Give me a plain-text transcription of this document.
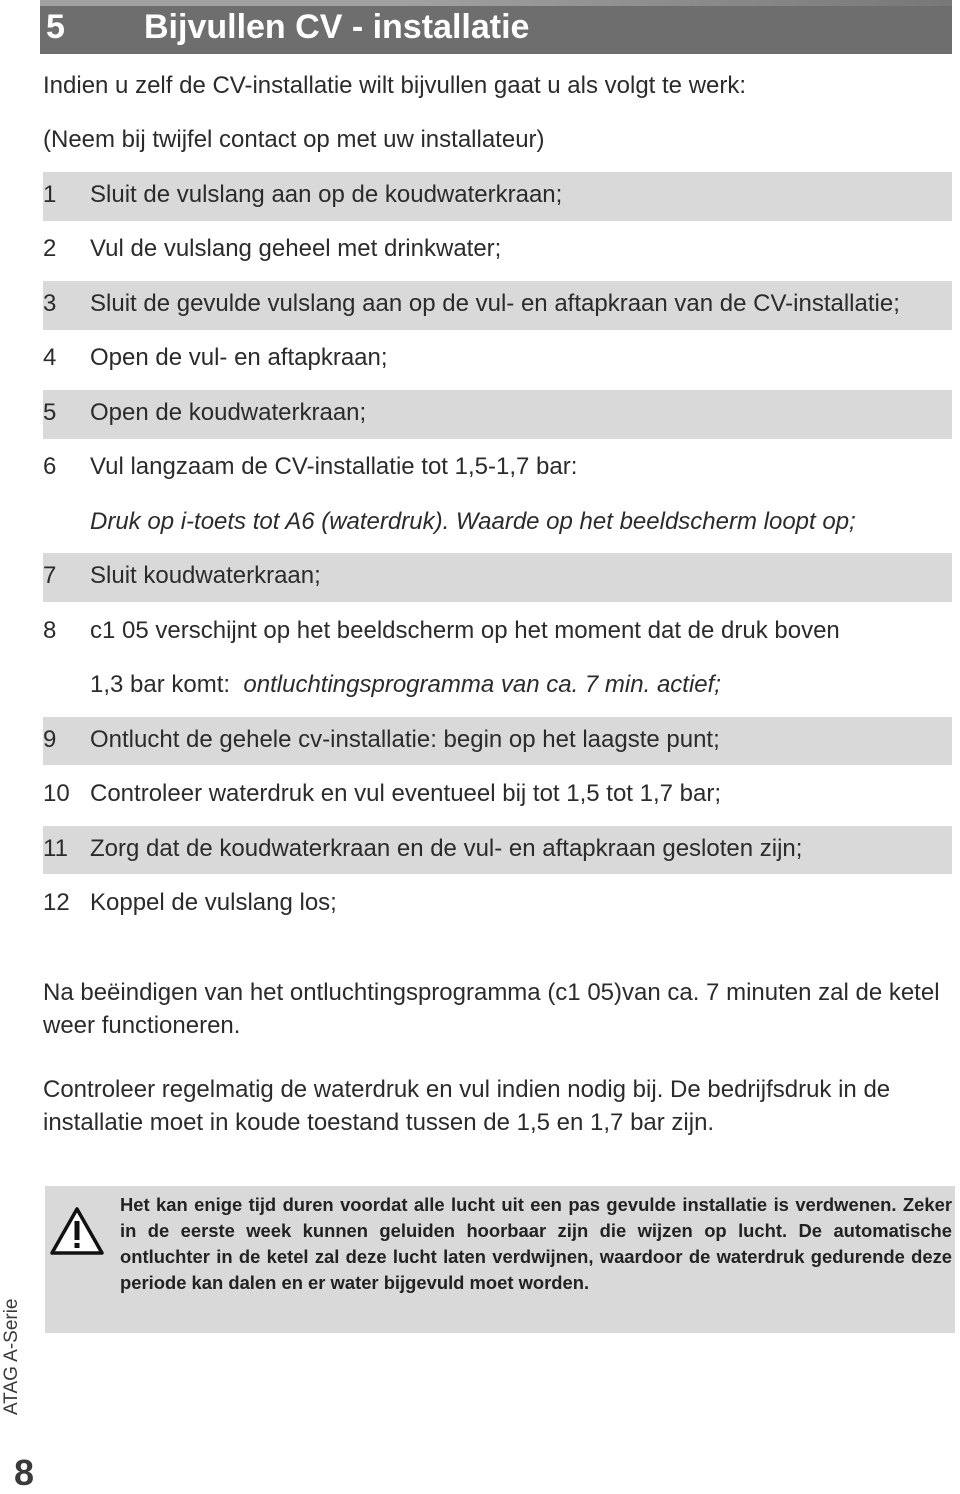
5 Bijvullen CV - installatie
Indien u zelf de CV-installatie wilt bijvullen gaat u als volgt te werk:
(Neem bij twijfel contact op met uw installateur)
1 Sluit de vulslang aan op de koudwaterkraan;
2 Vul de vulslang geheel met drinkwater;
3 Sluit de gevulde vulslang aan op de vul- en aftapkraan van de CV-installatie;
4 Open de vul- en aftapkraan;
5 Open de koudwaterkraan;
6 Vul langzaam de CV-installatie tot 1,5-1,7 bar:
Druk op i-toets tot A6 (waterdruk). Waarde op het beeldscherm loopt op;
7 Sluit koudwaterkraan;
8 c1 05 verschijnt op het beeldscherm op het moment dat de druk boven
1,3 bar komt: ontluchtingsprogramma van ca. 7 min. actief;
9 Ontlucht de gehele cv-installatie: begin op het laagste punt;
10 Controleer waterdruk en vul eventueel bij tot 1,5 tot 1,7 bar;
11 Zorg dat de koudwaterkraan en de vul- en aftapkraan gesloten zijn;
12 Koppel de vulslang los;
Na beëindigen van het ontluchtingsprogramma (c1 05)van ca. 7 minuten zal de ketel weer functioneren.
Controleer regelmatig de waterdruk en vul indien nodig bij. De bedrijfsdruk in de installatie moet in koude toestand tussen de 1,5 en 1,7 bar zijn.
Het kan enige tijd duren voordat alle lucht uit een pas gevulde installatie is verdwenen. Zeker in de eerste week kunnen geluiden hoorbaar zijn die wijzen op lucht. De automatische ontluchter in de ketel zal deze lucht laten verdwijnen, waardoor de waterdruk gedurende deze periode kan dalen en er water bijgevuld moet worden.
ATAG A-Serie
8
